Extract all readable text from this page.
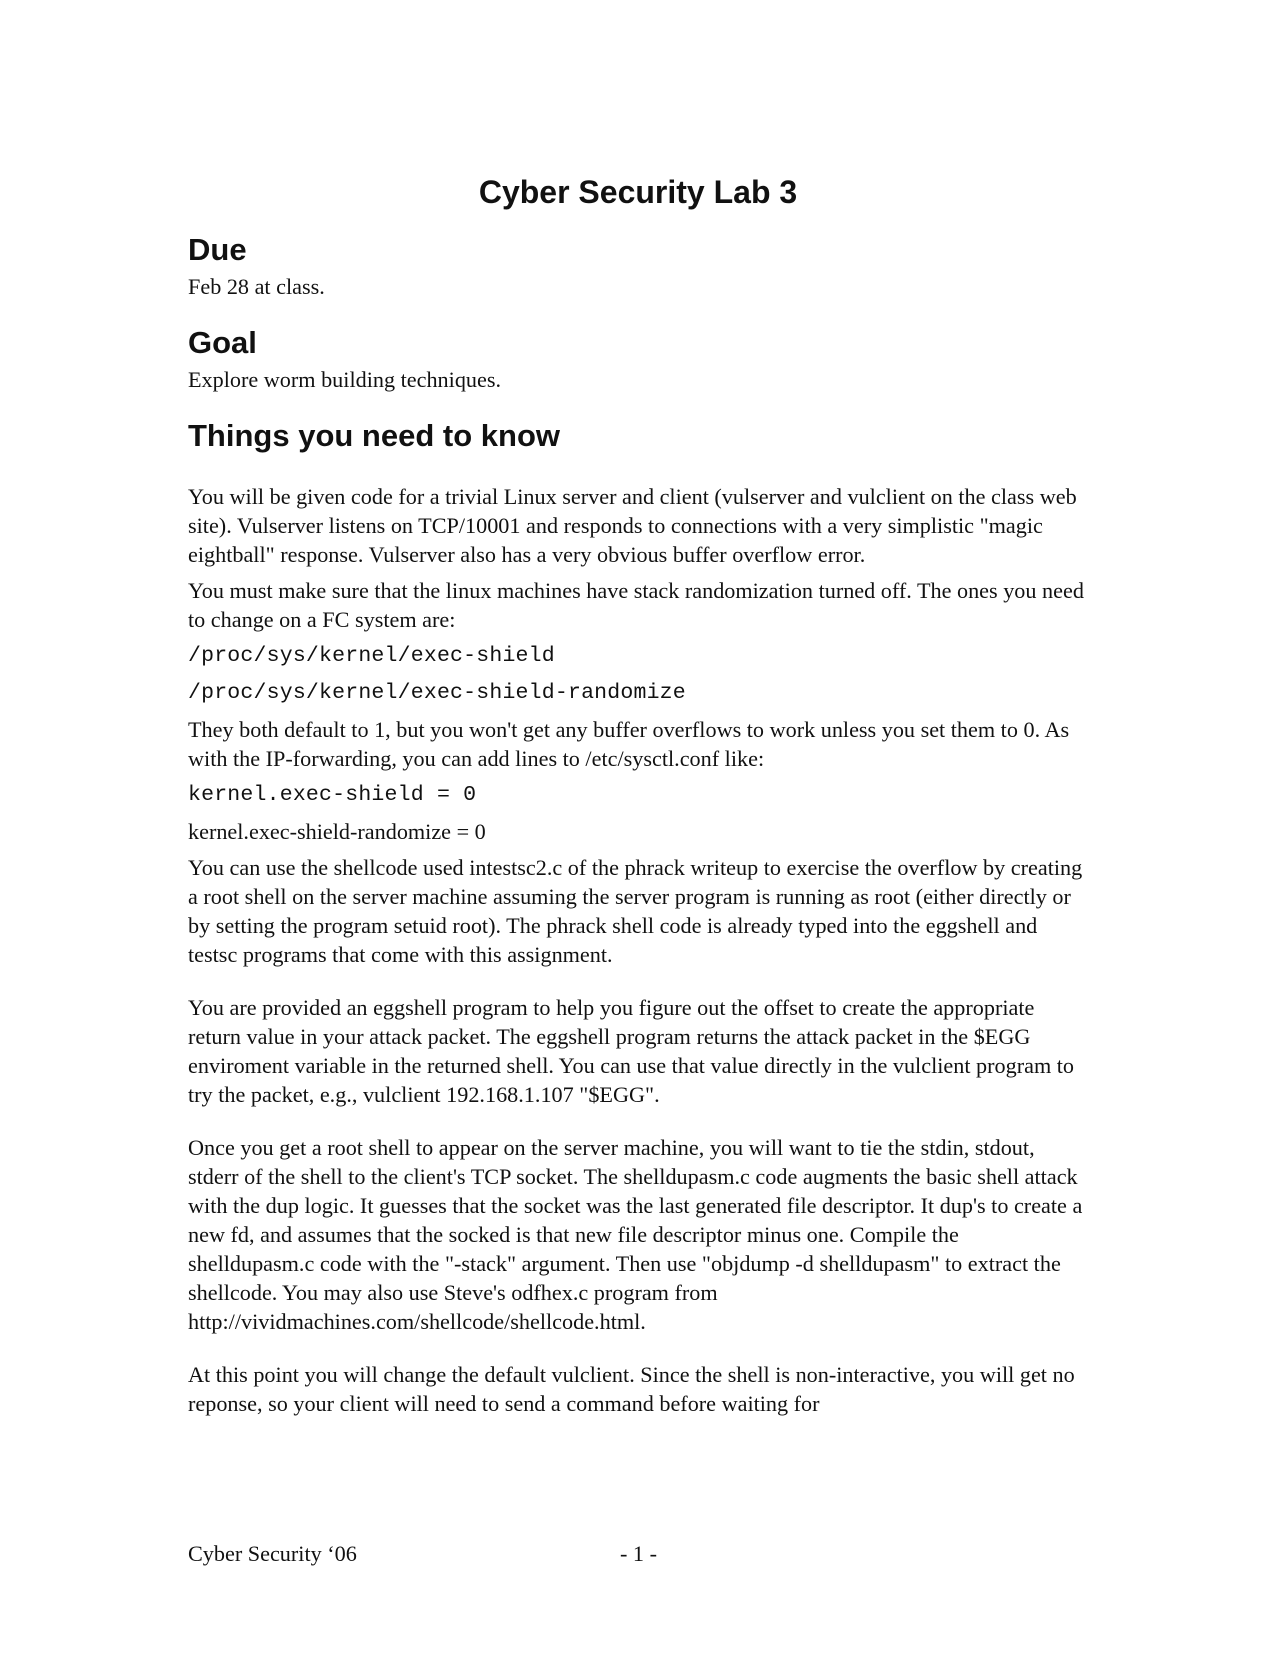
Cyber Security Lab 3
Due
Feb 28 at class.
Goal
Explore worm building techniques.
Things you need to know
You will be given code for a trivial Linux server and client (vulserver and vulclient on the class web site). Vulserver listens on TCP/10001 and responds to connections with a very simplistic "magic eightball" response. Vulserver also has a very obvious buffer overflow error.
You must make sure that the linux machines have stack randomization turned off. The ones you need to change on a FC system are:
/proc/sys/kernel/exec-shield
/proc/sys/kernel/exec-shield-randomize
They both default to 1, but you won't get any buffer overflows to work unless you set them to 0. As with the IP-forwarding, you can add lines to /etc/sysctl.conf like:
kernel.exec-shield = 0
kernel.exec-shield-randomize = 0
You can use the shellcode used intestsc2.c of the phrack writeup to exercise the overflow by creating a root shell on the server machine assuming the server program is running as root (either directly or by setting the program setuid root). The phrack shell code is already typed into the eggshell and testsc programs that come with this assignment.
You are provided an eggshell program to help you figure out the offset to create the appropriate return value in your attack packet. The eggshell program returns the attack packet in the $EGG enviroment variable in the returned shell. You can use that value directly in the vulclient program to try the packet, e.g., vulclient 192.168.1.107 "$EGG".
Once you get a root shell to appear on the server machine, you will want to tie the stdin, stdout, stderr of the shell to the client's TCP socket. The shelldupasm.c code augments the basic shell attack with the dup logic. It guesses that the socket was the last generated file descriptor. It dup's to create a new fd, and assumes that the socked is that new file descriptor minus one. Compile the shelldupasm.c code with the "-stack" argument. Then use "objdump -d shelldupasm" to extract the shellcode. You may also use Steve's odfhex.c program from http://vividmachines.com/shellcode/shellcode.html.
At this point you will change the default vulclient. Since the shell is non-interactive, you will get no reponse, so your client will need to send a command before waiting for
Cyber Security ‘06	- 1 -
